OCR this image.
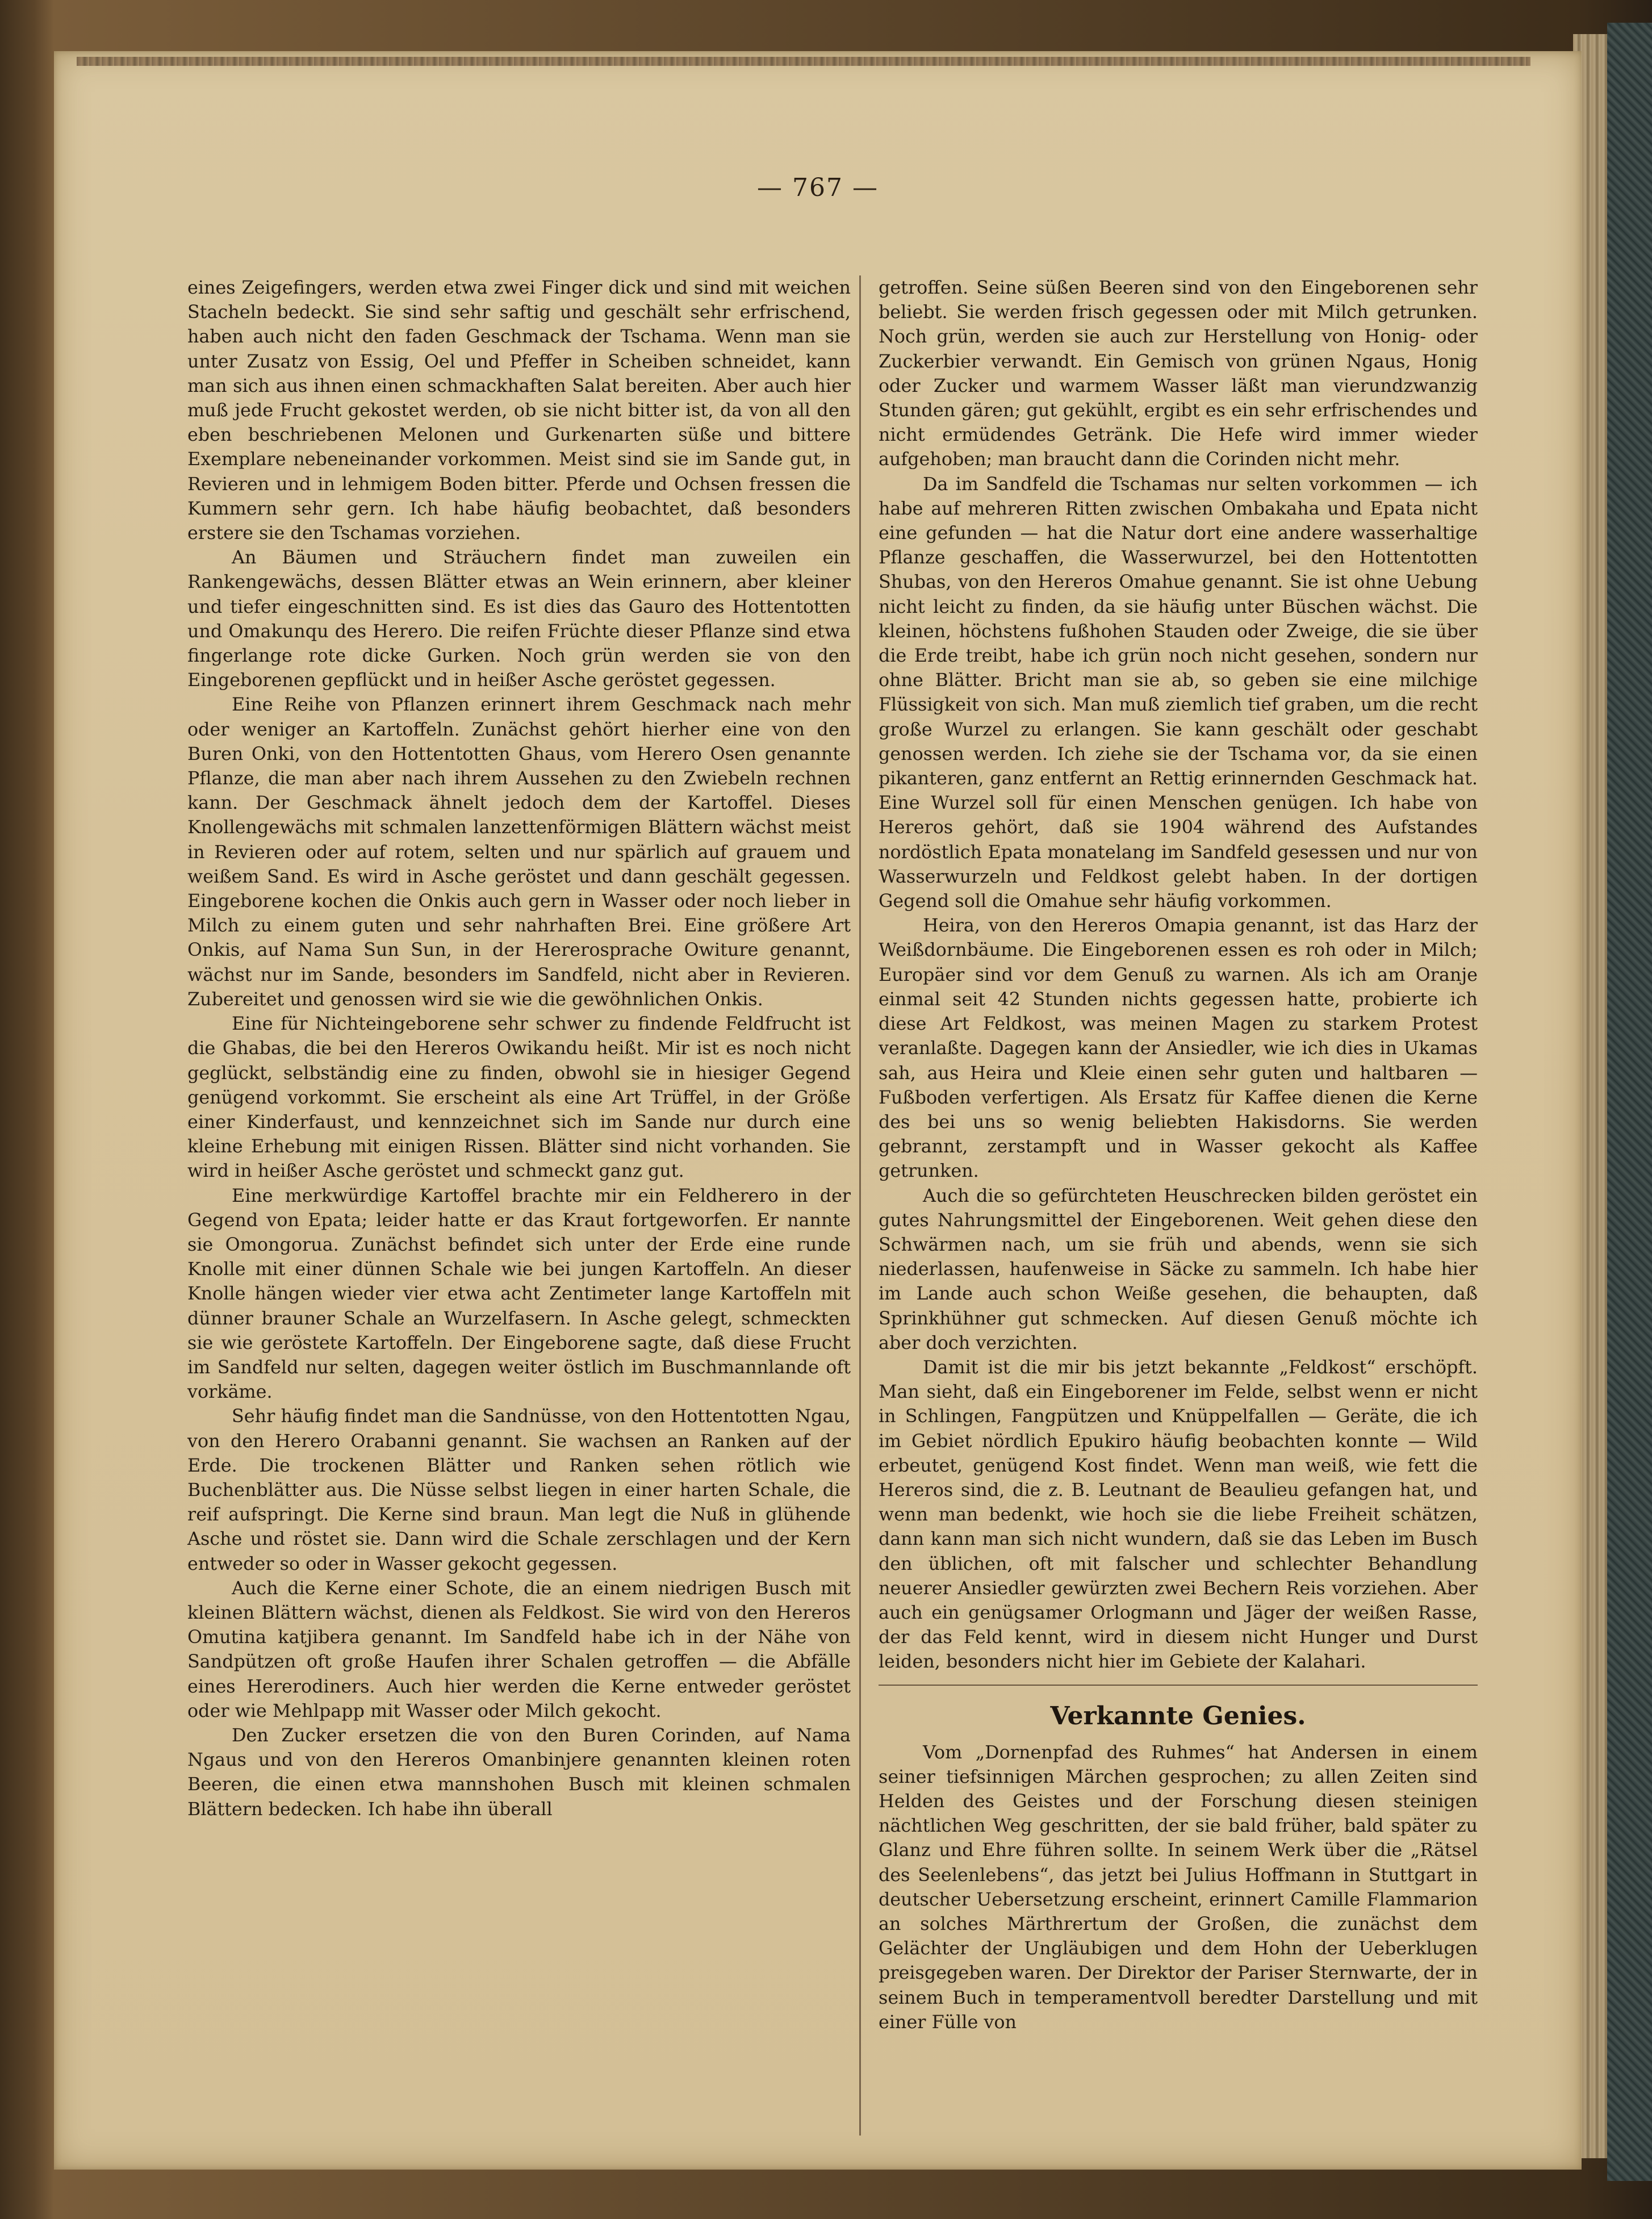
— 767 —

eines Zeigefingers, werden etwa zwei Finger dick und sind mit weichen Stacheln bedeckt. Sie sind sehr saftig und geschält sehr erfrischend, haben auch nicht den faden Geschmack der Tschama. Wenn man sie unter Zusatz von Essig, Oel und Pfeffer in Scheiben schneidet, kann man sich aus ihnen einen schmackhaften Salat bereiten. Aber auch hier muß jede Frucht gekostet werden, ob sie nicht bitter ist, da von all den eben beschriebenen Melonen und Gurkenarten süße und bittere Exemplare nebeneinander vorkommen. Meist sind sie im Sande gut, in Revieren und in lehmigem Boden bitter. Pferde und Ochsen fressen die Kummern sehr gern. Ich habe häufig beobachtet, daß besonders erstere sie den Tschamas vorziehen.

An Bäumen und Sträuchern findet man zuweilen ein Rankengewächs, dessen Blätter etwas an Wein erinnern, aber kleiner und tiefer eingeschnitten sind. Es ist dies das Gauro des Hottentotten und Omakunqu des Herero. Die reifen Früchte dieser Pflanze sind etwa fingerlange rote dicke Gurken. Noch grün werden sie von den Eingeborenen gepflückt und in heißer Asche geröstet gegessen.

Eine Reihe von Pflanzen erinnert ihrem Geschmack nach mehr oder weniger an Kartoffeln. Zunächst gehört hierher eine von den Buren Onki, von den Hottentotten Ghaus, vom Herero Osen genannte Pflanze, die man aber nach ihrem Aussehen zu den Zwiebeln rechnen kann. Der Geschmack ähnelt jedoch dem der Kartoffel. Dieses Knollengewächs mit schmalen lanzettenförmigen Blättern wächst meist in Revieren oder auf rotem, selten und nur spärlich auf grauem und weißem Sand. Es wird in Asche geröstet und dann geschält gegessen. Eingeborene kochen die Onkis auch gern in Wasser oder noch lieber in Milch zu einem guten und sehr nahrhaften Brei. Eine größere Art Onkis, auf Nama Sun Sun, in der Hererosprache Owiture genannt, wächst nur im Sande, besonders im Sandfeld, nicht aber in Revieren. Zubereitet und genossen wird sie wie die gewöhnlichen Onkis.

Eine für Nichteingeborene sehr schwer zu findende Feldfrucht ist die Ghabas, die bei den Hereros Owikandu heißt. Mir ist es noch nicht geglückt, selbständig eine zu finden, obwohl sie in hiesiger Gegend genügend vorkommt. Sie erscheint als eine Art Trüffel, in der Größe einer Kinderfaust, und kennzeichnet sich im Sande nur durch eine kleine Erhebung mit einigen Rissen. Blätter sind nicht vorhanden. Sie wird in heißer Asche geröstet und schmeckt ganz gut.

Eine merkwürdige Kartoffel brachte mir ein Feldherero in der Gegend von Epata; leider hatte er das Kraut fortgeworfen. Er nannte sie Omongorua. Zunächst befindet sich unter der Erde eine runde Knolle mit einer dünnen Schale wie bei jungen Kartoffeln. An dieser Knolle hängen wieder vier etwa acht Zentimeter lange Kartoffeln mit dünner brauner Schale an Wurzelfasern. In Asche gelegt, schmeckten sie wie geröstete Kartoffeln. Der Eingeborene sagte, daß diese Frucht im Sandfeld nur selten, dagegen weiter östlich im Buschmannlande oft vorkäme.

Sehr häufig findet man die Sandnüsse, von den Hottentotten Ngau, von den Herero Orabanni genannt. Sie wachsen an Ranken auf der Erde. Die trockenen Blätter und Ranken sehen rötlich wie Buchenblätter aus. Die Nüsse selbst liegen in einer harten Schale, die reif aufspringt. Die Kerne sind braun. Man legt die Nuß in glühende Asche und röstet sie. Dann wird die Schale zerschlagen und der Kern entweder so oder in Wasser gekocht gegessen.

Auch die Kerne einer Schote, die an einem niedrigen Busch mit kleinen Blättern wächst, dienen als Feldkost. Sie wird von den Hereros Omutina katjibera genannt. Im Sandfeld habe ich in der Nähe von Sandpützen oft große Haufen ihrer Schalen getroffen — die Abfälle eines Hererodiners. Auch hier werden die Kerne entweder geröstet oder wie Mehlpapp mit Wasser oder Milch gekocht.

Den Zucker ersetzen die von den Buren Corinden, auf Nama Ngaus und von den Hereros Omanbinjere genannten kleinen roten Beeren, die einen etwa mannshohen Busch mit kleinen schmalen Blättern bedecken. Ich habe ihn überall

getroffen. Seine süßen Beeren sind von den Eingeborenen sehr beliebt. Sie werden frisch gegessen oder mit Milch getrunken. Noch grün, werden sie auch zur Herstellung von Honig- oder Zuckerbier verwandt. Ein Gemisch von grünen Ngaus, Honig oder Zucker und warmem Wasser läßt man vierundzwanzig Stunden gären; gut gekühlt, ergibt es ein sehr erfrischendes und nicht ermüdendes Getränk. Die Hefe wird immer wieder aufgehoben; man braucht dann die Corinden nicht mehr.

Da im Sandfeld die Tschamas nur selten vorkommen — ich habe auf mehreren Ritten zwischen Ombakaha und Epata nicht eine gefunden — hat die Natur dort eine andere wasserhaltige Pflanze geschaffen, die Wasserwurzel, bei den Hottentotten Shubas, von den Hereros Omahue genannt. Sie ist ohne Uebung nicht leicht zu finden, da sie häufig unter Büschen wächst. Die kleinen, höchstens fußhohen Stauden oder Zweige, die sie über die Erde treibt, habe ich grün noch nicht gesehen, sondern nur ohne Blätter. Bricht man sie ab, so geben sie eine milchige Flüssigkeit von sich. Man muß ziemlich tief graben, um die recht große Wurzel zu erlangen. Sie kann geschält oder geschabt genossen werden. Ich ziehe sie der Tschama vor, da sie einen pikanteren, ganz entfernt an Rettig erinnernden Geschmack hat. Eine Wurzel soll für einen Menschen genügen. Ich habe von Hereros gehört, daß sie 1904 während des Aufstandes nordöstlich Epata monatelang im Sandfeld gesessen und nur von Wasserwurzeln und Feldkost gelebt haben. In der dortigen Gegend soll die Omahue sehr häufig vorkommen.

Heira, von den Hereros Omapia genannt, ist das Harz der Weißdornbäume. Die Eingeborenen essen es roh oder in Milch; Europäer sind vor dem Genuß zu warnen. Als ich am Oranje einmal seit 42 Stunden nichts gegessen hatte, probierte ich diese Art Feldkost, was meinen Magen zu starkem Protest veranlaßte. Dagegen kann der Ansiedler, wie ich dies in Ukamas sah, aus Heira und Kleie einen sehr guten und haltbaren — Fußboden verfertigen. Als Ersatz für Kaffee dienen die Kerne des bei uns so wenig beliebten Hakisdorns. Sie werden gebrannt, zerstampft und in Wasser gekocht als Kaffee getrunken.

Auch die so gefürchteten Heuschrecken bilden geröstet ein gutes Nahrungsmittel der Eingeborenen. Weit gehen diese den Schwärmen nach, um sie früh und abends, wenn sie sich niederlassen, haufenweise in Säcke zu sammeln. Ich habe hier im Lande auch schon Weiße gesehen, die behaupten, daß Sprinkhühner gut schmecken. Auf diesen Genuß möchte ich aber doch verzichten.

Damit ist die mir bis jetzt bekannte „Feldkost“ erschöpft. Man sieht, daß ein Eingeborener im Felde, selbst wenn er nicht in Schlingen, Fangpützen und Knüppelfallen — Geräte, die ich im Gebiet nördlich Epukiro häufig beobachten konnte — Wild erbeutet, genügend Kost findet. Wenn man weiß, wie fett die Hereros sind, die z. B. Leutnant de Beaulieu gefangen hat, und wenn man bedenkt, wie hoch sie die liebe Freiheit schätzen, dann kann man sich nicht wundern, daß sie das Leben im Busch den üblichen, oft mit falscher und schlechter Behandlung neuerer Ansiedler gewürzten zwei Bechern Reis vorziehen. Aber auch ein genügsamer Orlogmann und Jäger der weißen Rasse, der das Feld kennt, wird in diesem nicht Hunger und Durst leiden, besonders nicht hier im Gebiete der Kalahari.

Verkannte Genies.

Vom „Dornenpfad des Ruhmes“ hat Andersen in einem seiner tiefsinnigen Märchen gesprochen; zu allen Zeiten sind Helden des Geistes und der Forschung diesen steinigen nächtlichen Weg geschritten, der sie bald früher, bald später zu Glanz und Ehre führen sollte. In seinem Werk über die „Rätsel des Seelenlebens“, das jetzt bei Julius Hoffmann in Stuttgart in deutscher Uebersetzung erscheint, erinnert Camille Flammarion an solches Märthrertum der Großen, die zunächst dem Gelächter der Ungläubigen und dem Hohn der Ueberklugen preisgegeben waren. Der Direktor der Pariser Sternwarte, der in seinem Buch in temperamentvoll beredter Darstellung und mit einer Fülle von
